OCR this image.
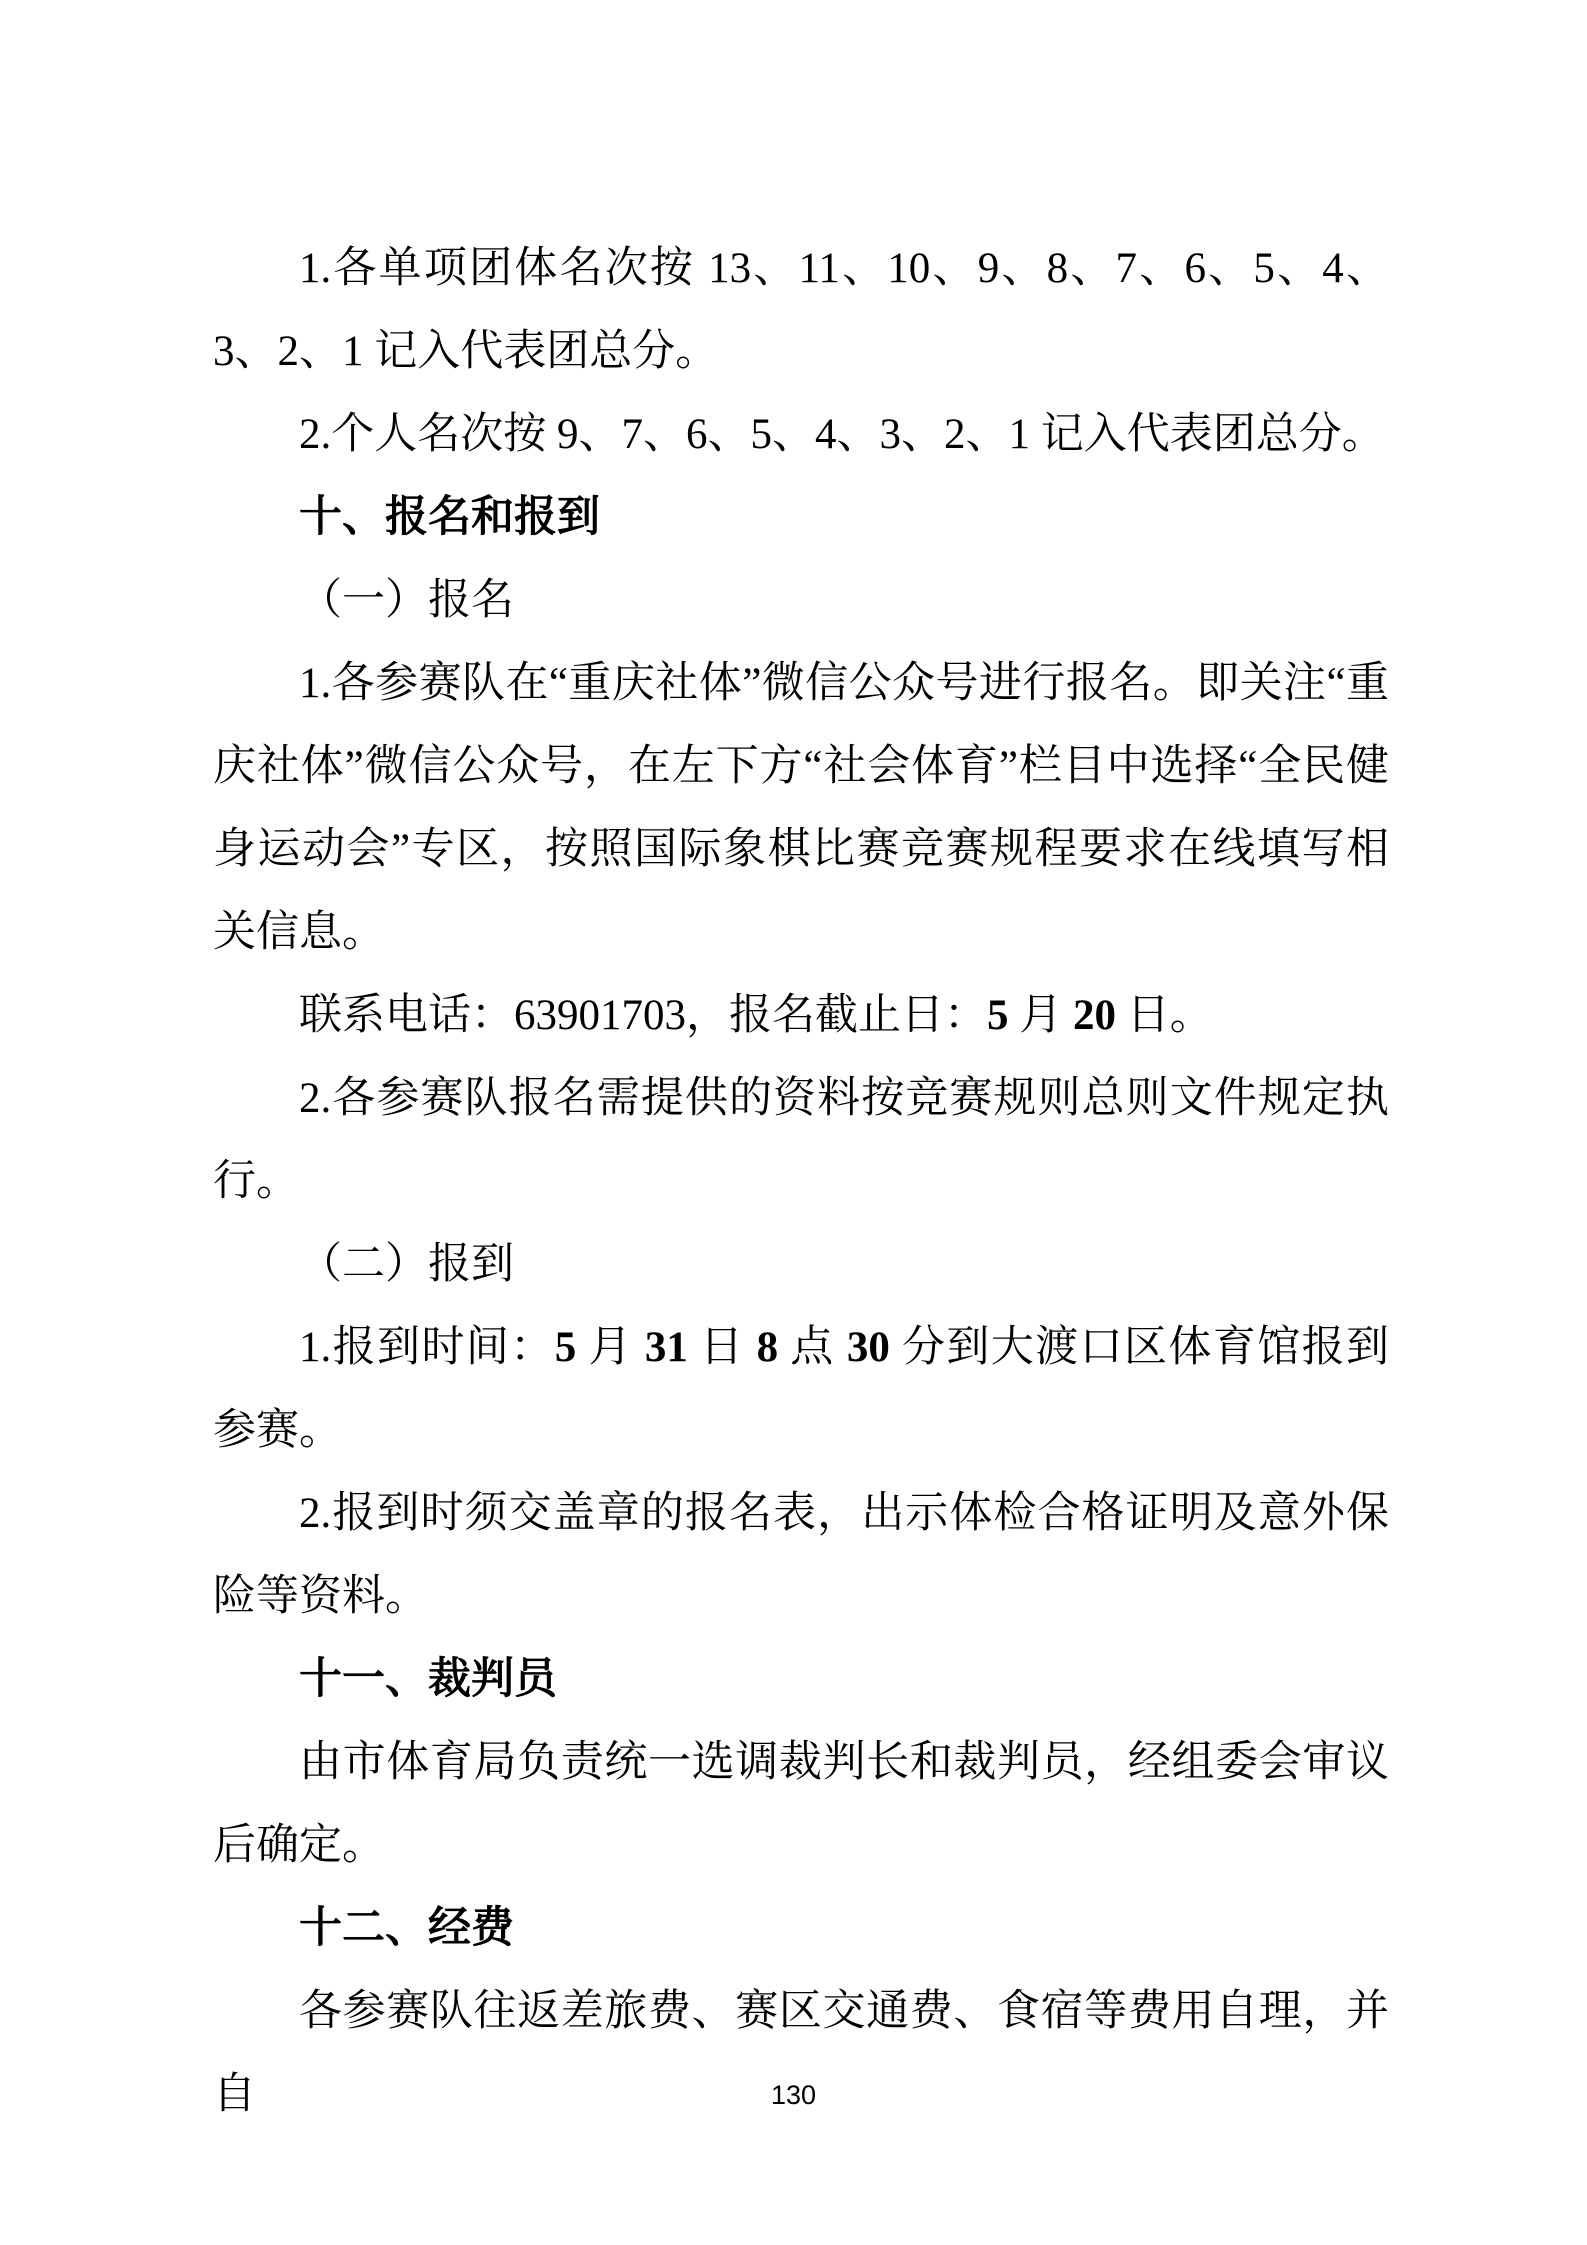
1.各单项团体名次按 13、11、10、9、8、7、6、5、4、3、2、1 记入代表团总分。

2.个人名次按 9、7、6、5、4、3、2、1 记入代表团总分。

十、报名和报到

（一）报名

1.各参赛队在“重庆社体”微信公众号进行报名。即关注“重庆社体”微信公众号，在左下方“社会体育”栏目中选择“全民健身运动会”专区，按照国际象棋比赛竞赛规程要求在线填写相关信息。

联系电话：63901703，报名截止日：5 月 20 日。

2.各参赛队报名需提供的资料按竞赛规则总则文件规定执行。

（二）报到

1.报到时间：5 月 31 日 8 点 30 分到大渡口区体育馆报到参赛。

2.报到时须交盖章的报名表，出示体检合格证明及意外保险等资料。

十一、裁判员

由市体育局负责统一选调裁判长和裁判员，经组委会审议后确定。

十二、经费

各参赛队往返差旅费、赛区交通费、食宿等费用自理，并自	130
